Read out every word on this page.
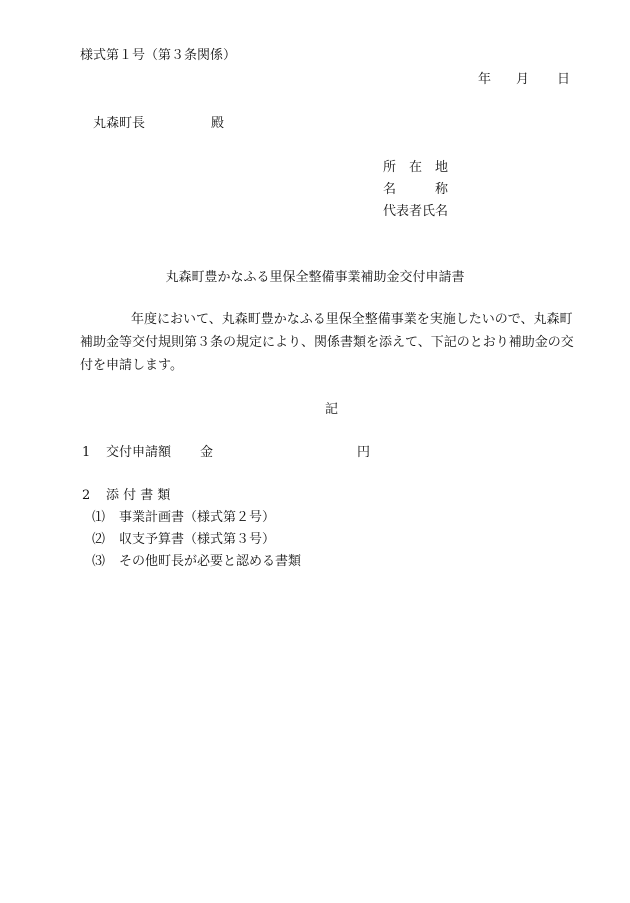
様式第１号（第３条関係）
年 月 日
丸森町長	殿
所　在　地
名　　　称
代表者氏名
丸森町豊かなふる里保全整備事業補助金交付申請書
年度において、丸森町豊かなふる里保全整備事業を実施したいので、丸森町
補助金等交付規則第３条の規定により、関係書類を添えて、下記のとおり補助金の交
付を申請します。
記
1 交付申請額 金	円
2 添 付 書 類
⑴ 事業計画書（様式第２号）
⑵ 収支予算書（様式第３号）
⑶ その他町長が必要と認める書類
